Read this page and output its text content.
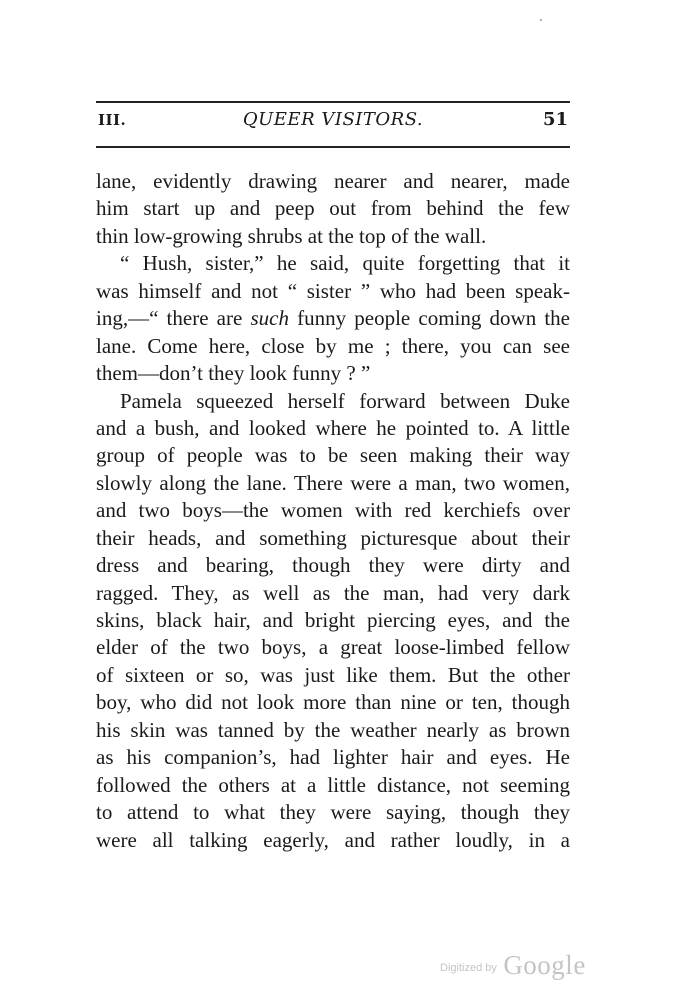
III.	QUEER VISITORS.	51
lane, evidently drawing nearer and nearer, made
him start up and peep out from behind the few
thin low-growing shrubs at the top of the wall.
“ Hush, sister,” he said, quite forgetting that it
was himself and not “ sister ” who had been speak-
ing,—“ there are such funny people coming down the
lane. Come here, close by me ; there, you can see
them—don’t they look funny ? ”
Pamela squeezed herself forward between Duke
and a bush, and looked where he pointed to. A little
group of people was to be seen making their way
slowly along the lane. There were a man, two women,
and two boys—the women with red kerchiefs over
their heads, and something picturesque about their
dress and bearing, though they were dirty and
ragged. They, as well as the man, had very dark
skins, black hair, and bright piercing eyes, and the
elder of the two boys, a great loose-limbed fellow
of sixteen or so, was just like them. But the other
boy, who did not look more than nine or ten, though
his skin was tanned by the weather nearly as brown
as his companion’s, had lighter hair and eyes. He
followed the others at a little distance, not seeming
to attend to what they were saying, though they
were all talking eagerly, and rather loudly, in a
Digitized by Google
